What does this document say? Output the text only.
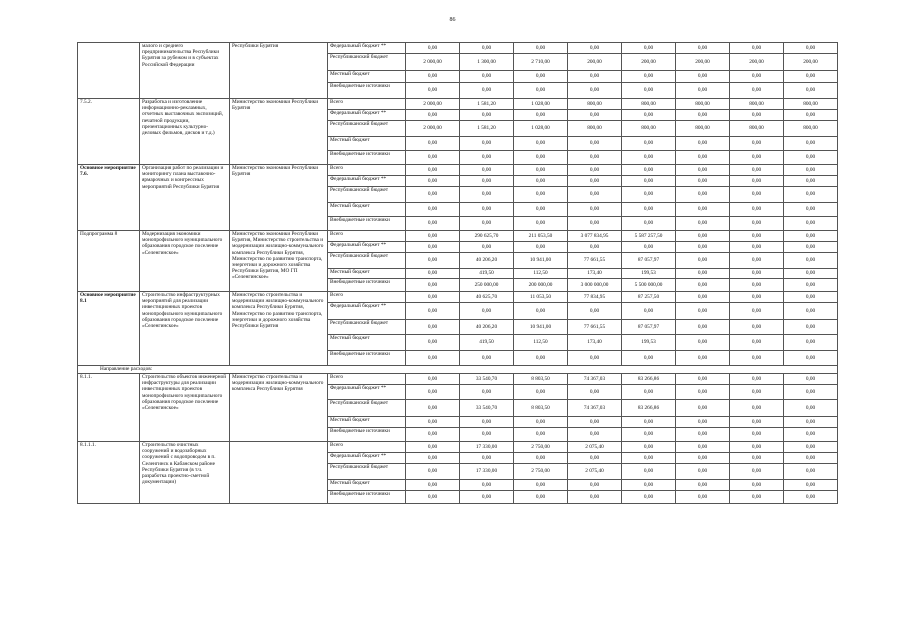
86
	малого и среднего предпринимательства Республики Бурятия за рубежом и в субъектах Российской Федерации	Республики Бурятия	Федеральный бюджет **	0,00	0,00	0,00	0,00	0,00	0,00	0,00	0,00
			Республиканский бюджет	2 000,00	1 300,00	2 710,00	200,00	200,00	200,00	200,00	200,00
			Местный бюджет	0,00	0,00	0,00	0,00	0,00	0,00	0,00	0,00
			Внебюджетные источники	0,00	0,00	0,00	0,00	0,00	0,00	0,00	0,00
7.5.2.	Разработка и изготовление информационно-рекламных, отчетных выставочных экспозиций, печатной продукции, презентационных культурно-деловых фильмов, дисков и т.д.)	Министерство экономики Республики Бурятия	Всего	2 000,00	1 581,20	1 028,00	800,00	800,00	800,00	800,00	800,00
			Федеральный бюджет **	0,00	0,00	0,00	0,00	0,00	0,00	0,00	0,00
			Республиканский бюджет	2 000,00	1 581,20	1 028,00	800,00	800,00	800,00	800,00	800,00
			Местный бюджет	0,00	0,00	0,00	0,00	0,00	0,00	0,00	0,00
			Внебюджетные источники	0,00	0,00	0,00	0,00	0,00	0,00	0,00	0,00
Основное мероприятие 7.6.	Организация работ по реализации и мониторингу плана выставочно-ярмарочных и конгрессных мероприятий Республики Бурятия	Министерство экономики Республики Бурятия	Всего	0,00	0,00	0,00	0,00	0,00	0,00	0,00	0,00
			Федеральный бюджет **	0,00	0,00	0,00	0,00	0,00	0,00	0,00	0,00
			Республиканский бюджет	0,00	0,00	0,00	0,00	0,00	0,00	0,00	0,00
			Местный бюджет	0,00	0,00	0,00	0,00	0,00	0,00	0,00	0,00
			Внебюджетные источники	0,00	0,00	0,00	0,00	0,00	0,00	0,00	0,00
Подпрограмма 8	Модернизация экономики монопрофильного муниципального образования городское поселение «Селенгинское»	Министерство экономики Республики Бурятия, Министерство строительства и модернизации жилищно-коммунального комплекса Республики Бурятия, Министерство по развитию транспорта, энергетики и дорожного хозяйства Республики Бурятия, МО ГП «Селенгинское»	Всего	0,00	290 625,70	211 053,50	3 077 834,95	5 587 257,50	0,00	0,00	0,00
			Федеральный бюджет **	0,00	0,00	0,00	0,00	0,00	0,00	0,00	0,00
			Республиканский бюджет	0,00	40 206,20	10 941,00	77 661,55	87 057,97	0,00	0,00	0,00
			Местный бюджет	0,00	419,50	112,50	173,40	199,53	0,00	0,00	0,00
			Внебюджетные источники	0,00	250 000,00	200 000,00	3 000 000,00	5 500 000,00	0,00	0,00	0,00
Основное мероприятие 8.1	Строительство инфраструктурных мероприятий для реализации инвестиционных проектов монопрофильного муниципального образования городское поселение «Селенгинское»	Министерство строительства и модернизации жилищно-коммунального комплекса Республики Бурятия, Министерство по развитию транспорта, энергетики и дорожного хозяйства Республики Бурятия	Всего	0,00	40 625,70	11 053,50	77 834,95	87 257,50	0,00	0,00	0,00
			Федеральный бюджет **	0,00	0,00	0,00	0,00	0,00	0,00	0,00	0,00
			Республиканский бюджет	0,00	40 206,20	10 941,00	77 661,55	87 057,97	0,00	0,00	0,00
			Местный бюджет	0,00	419,50	112,50	173,40	199,53	0,00	0,00	0,00
			Внебюджетные источники	0,00	0,00	0,00	0,00	0,00	0,00	0,00	0,00
Направление расходов:											
8.1.1.	Строительство объектов инженерной инфраструктуры для реализации инвестиционных проектов монопрофильного муниципального образования городское поселение «Селенгинское»	Министерство строительства и модернизации жилищно-коммунального комплекса Республики Бурятия	Всего	0,00	33 540,70	8 803,50	74 367,03	83 266,86	0,00	0,00	0,00
			Федеральный бюджет **	0,00	0,00	0,00	0,00	0,00	0,00	0,00	0,00
			Республиканский бюджет	0,00	33 540,70	8 803,50	74 367,03	83 266,86	0,00	0,00	0,00
			Местный бюджет	0,00	0,00	0,00	0,00	0,00	0,00	0,00	0,00
			Внебюджетные источники	0,00	0,00	0,00	0,00	0,00	0,00	0,00	0,00
8.1.1.1.	Строительство очистных сооружений и водозаборных сооружений с водопроводом в п. Селенгинск в Кабанском районе Республики Бурятия (в т.ч. разработка проектно-сметной документации)		Всего	0,00	17 330,00	2 750,00	2 075,40	0,00	0,00	0,00	0,00
			Федеральный бюджет **	0,00	0,00	0,00	0,00	0,00	0,00	0,00	0,00
			Республиканский бюджет	0,00	17 330,00	2 750,00	2 075,40	0,00	0,00	0,00	0,00
			Местный бюджет	0,00	0,00	0,00	0,00	0,00	0,00	0,00	0,00
			Внебюджетные источники	0,00	0,00	0,00	0,00	0,00	0,00	0,00	0,00
